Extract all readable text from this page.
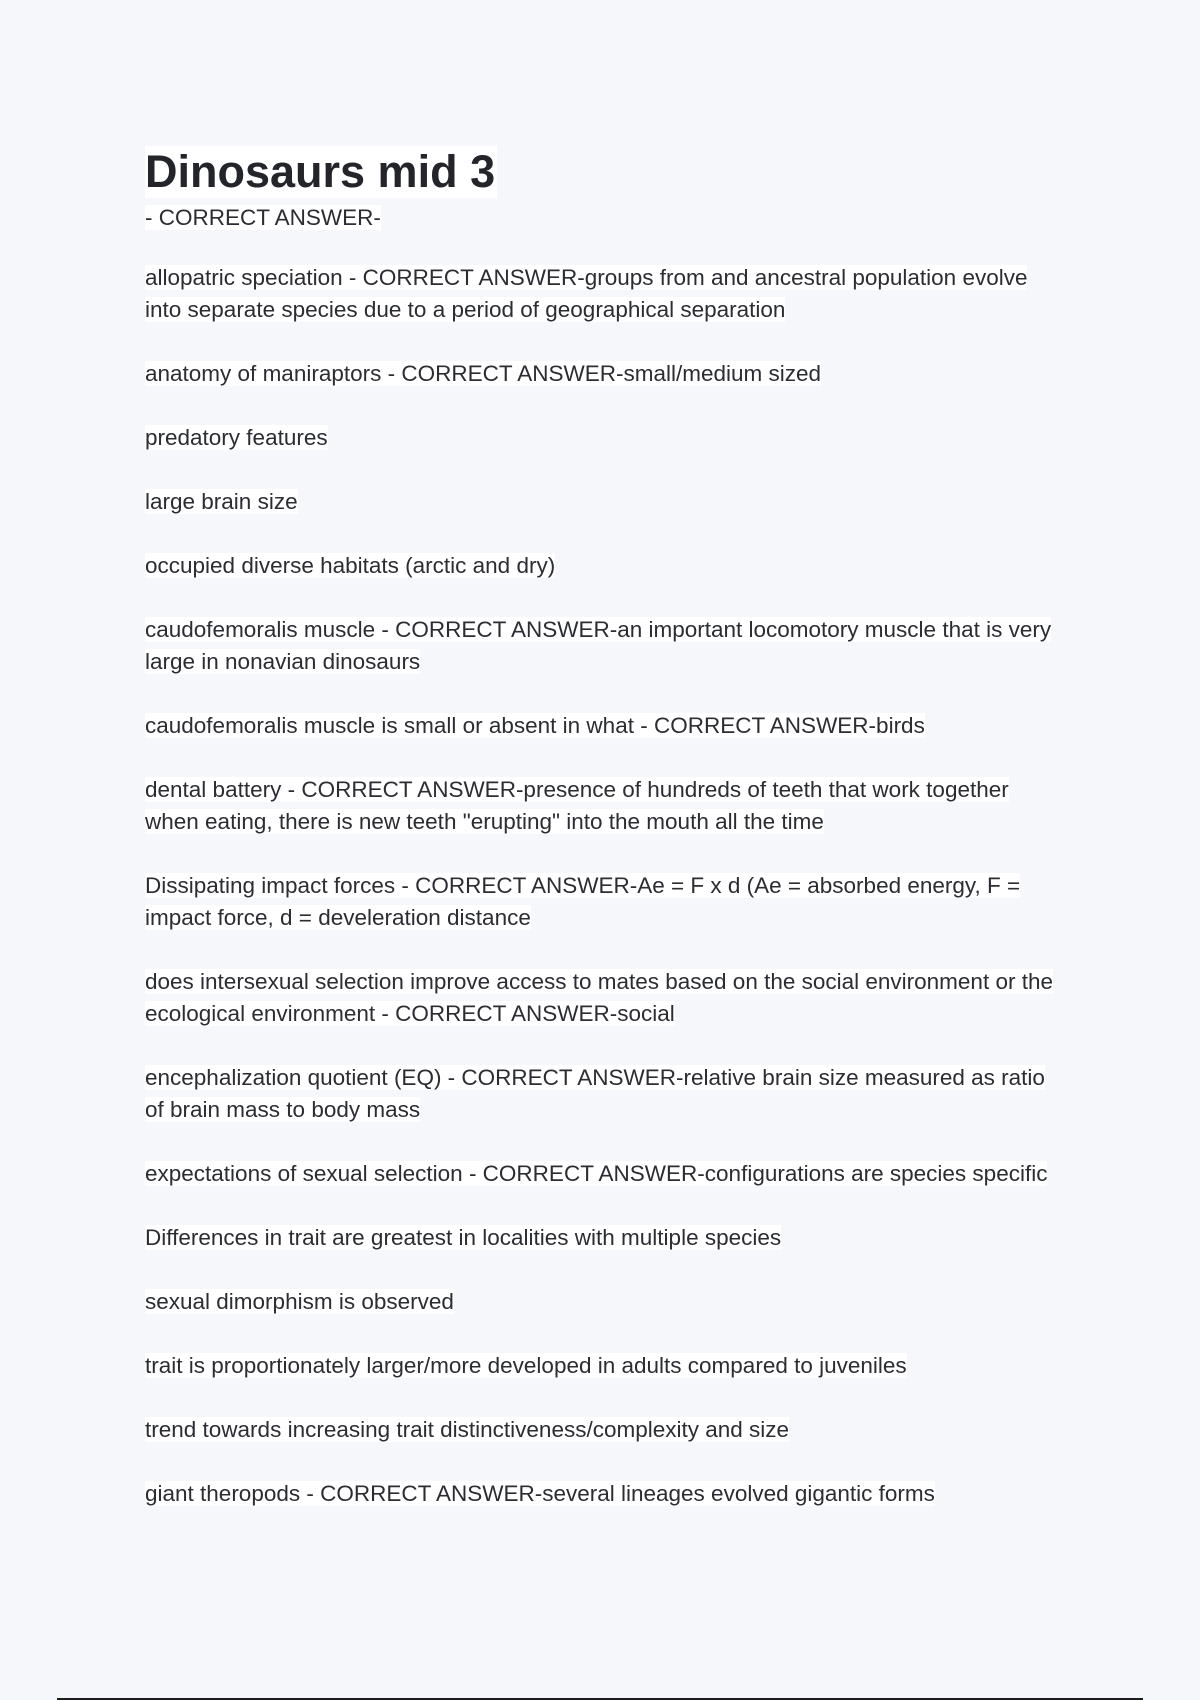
Dinosaurs mid 3
- CORRECT ANSWER-
allopatric speciation - CORRECT ANSWER-groups from and ancestral population evolve into separate species due to a period of geographical separation
anatomy of maniraptors - CORRECT ANSWER-small/medium sized
predatory features
large brain size
occupied diverse habitats (arctic and dry)
caudofemoralis muscle - CORRECT ANSWER-an important locomotory muscle that is very large in nonavian dinosaurs
caudofemoralis muscle is small or absent in what - CORRECT ANSWER-birds
dental battery - CORRECT ANSWER-presence of hundreds of teeth that work together when eating, there is new teeth "erupting" into the mouth all the time
Dissipating impact forces - CORRECT ANSWER-Ae = F x d (Ae = absorbed energy, F = impact force, d = develeration distance
does intersexual selection improve access to mates based on the social environment or the ecological environment - CORRECT ANSWER-social
encephalization quotient (EQ) - CORRECT ANSWER-relative brain size measured as ratio of brain mass to body mass
expectations of sexual selection - CORRECT ANSWER-configurations are species specific
Differences in trait are greatest in localities with multiple species
sexual dimorphism is observed
trait is proportionately larger/more developed in adults compared to juveniles
trend towards increasing trait distinctiveness/complexity and size
giant theropods - CORRECT ANSWER-several lineages evolved gigantic forms
